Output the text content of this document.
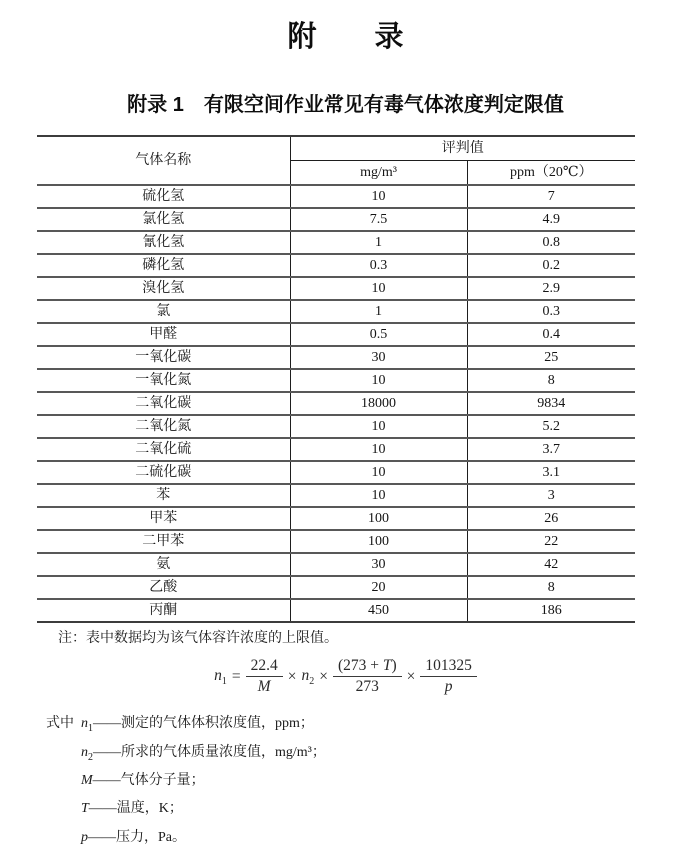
附　　录
附录 1　有限空间作业常见有毒气体浓度判定限值
气体名称	评判值	
	mg/m³	ppm（20℃）
硫化氢	10	7
氯化氢	7.5	4.9
氰化氢	1	0.8
磷化氢	0.3	0.2
溴化氢	10	2.9
氯	1	0.3
甲醛	0.5	0.4
一氧化碳	30	25
一氧化氮	10	8
二氧化碳	18000	9834
二氧化氮	10	5.2
二氧化硫	10	3.7
二硫化碳	10	3.1
苯	10	3
甲苯	100	26
二甲苯	100	22
氨	30	42
乙酸	20	8
丙酮	450	186
注：表中数据均为该气体容许浓度的上限值。
$n_1 = \frac{22.4}{M} \times n_2 \times \frac{(273 + T)}{273} \times \frac{101325}{p}$
式中 $n_1——$测定的气体体积浓度值，ppm；
$n_2——$所求的气体质量浓度值，mg/m³；
M——气体分子量；
T——温度，K；
p——压力，Pa。
